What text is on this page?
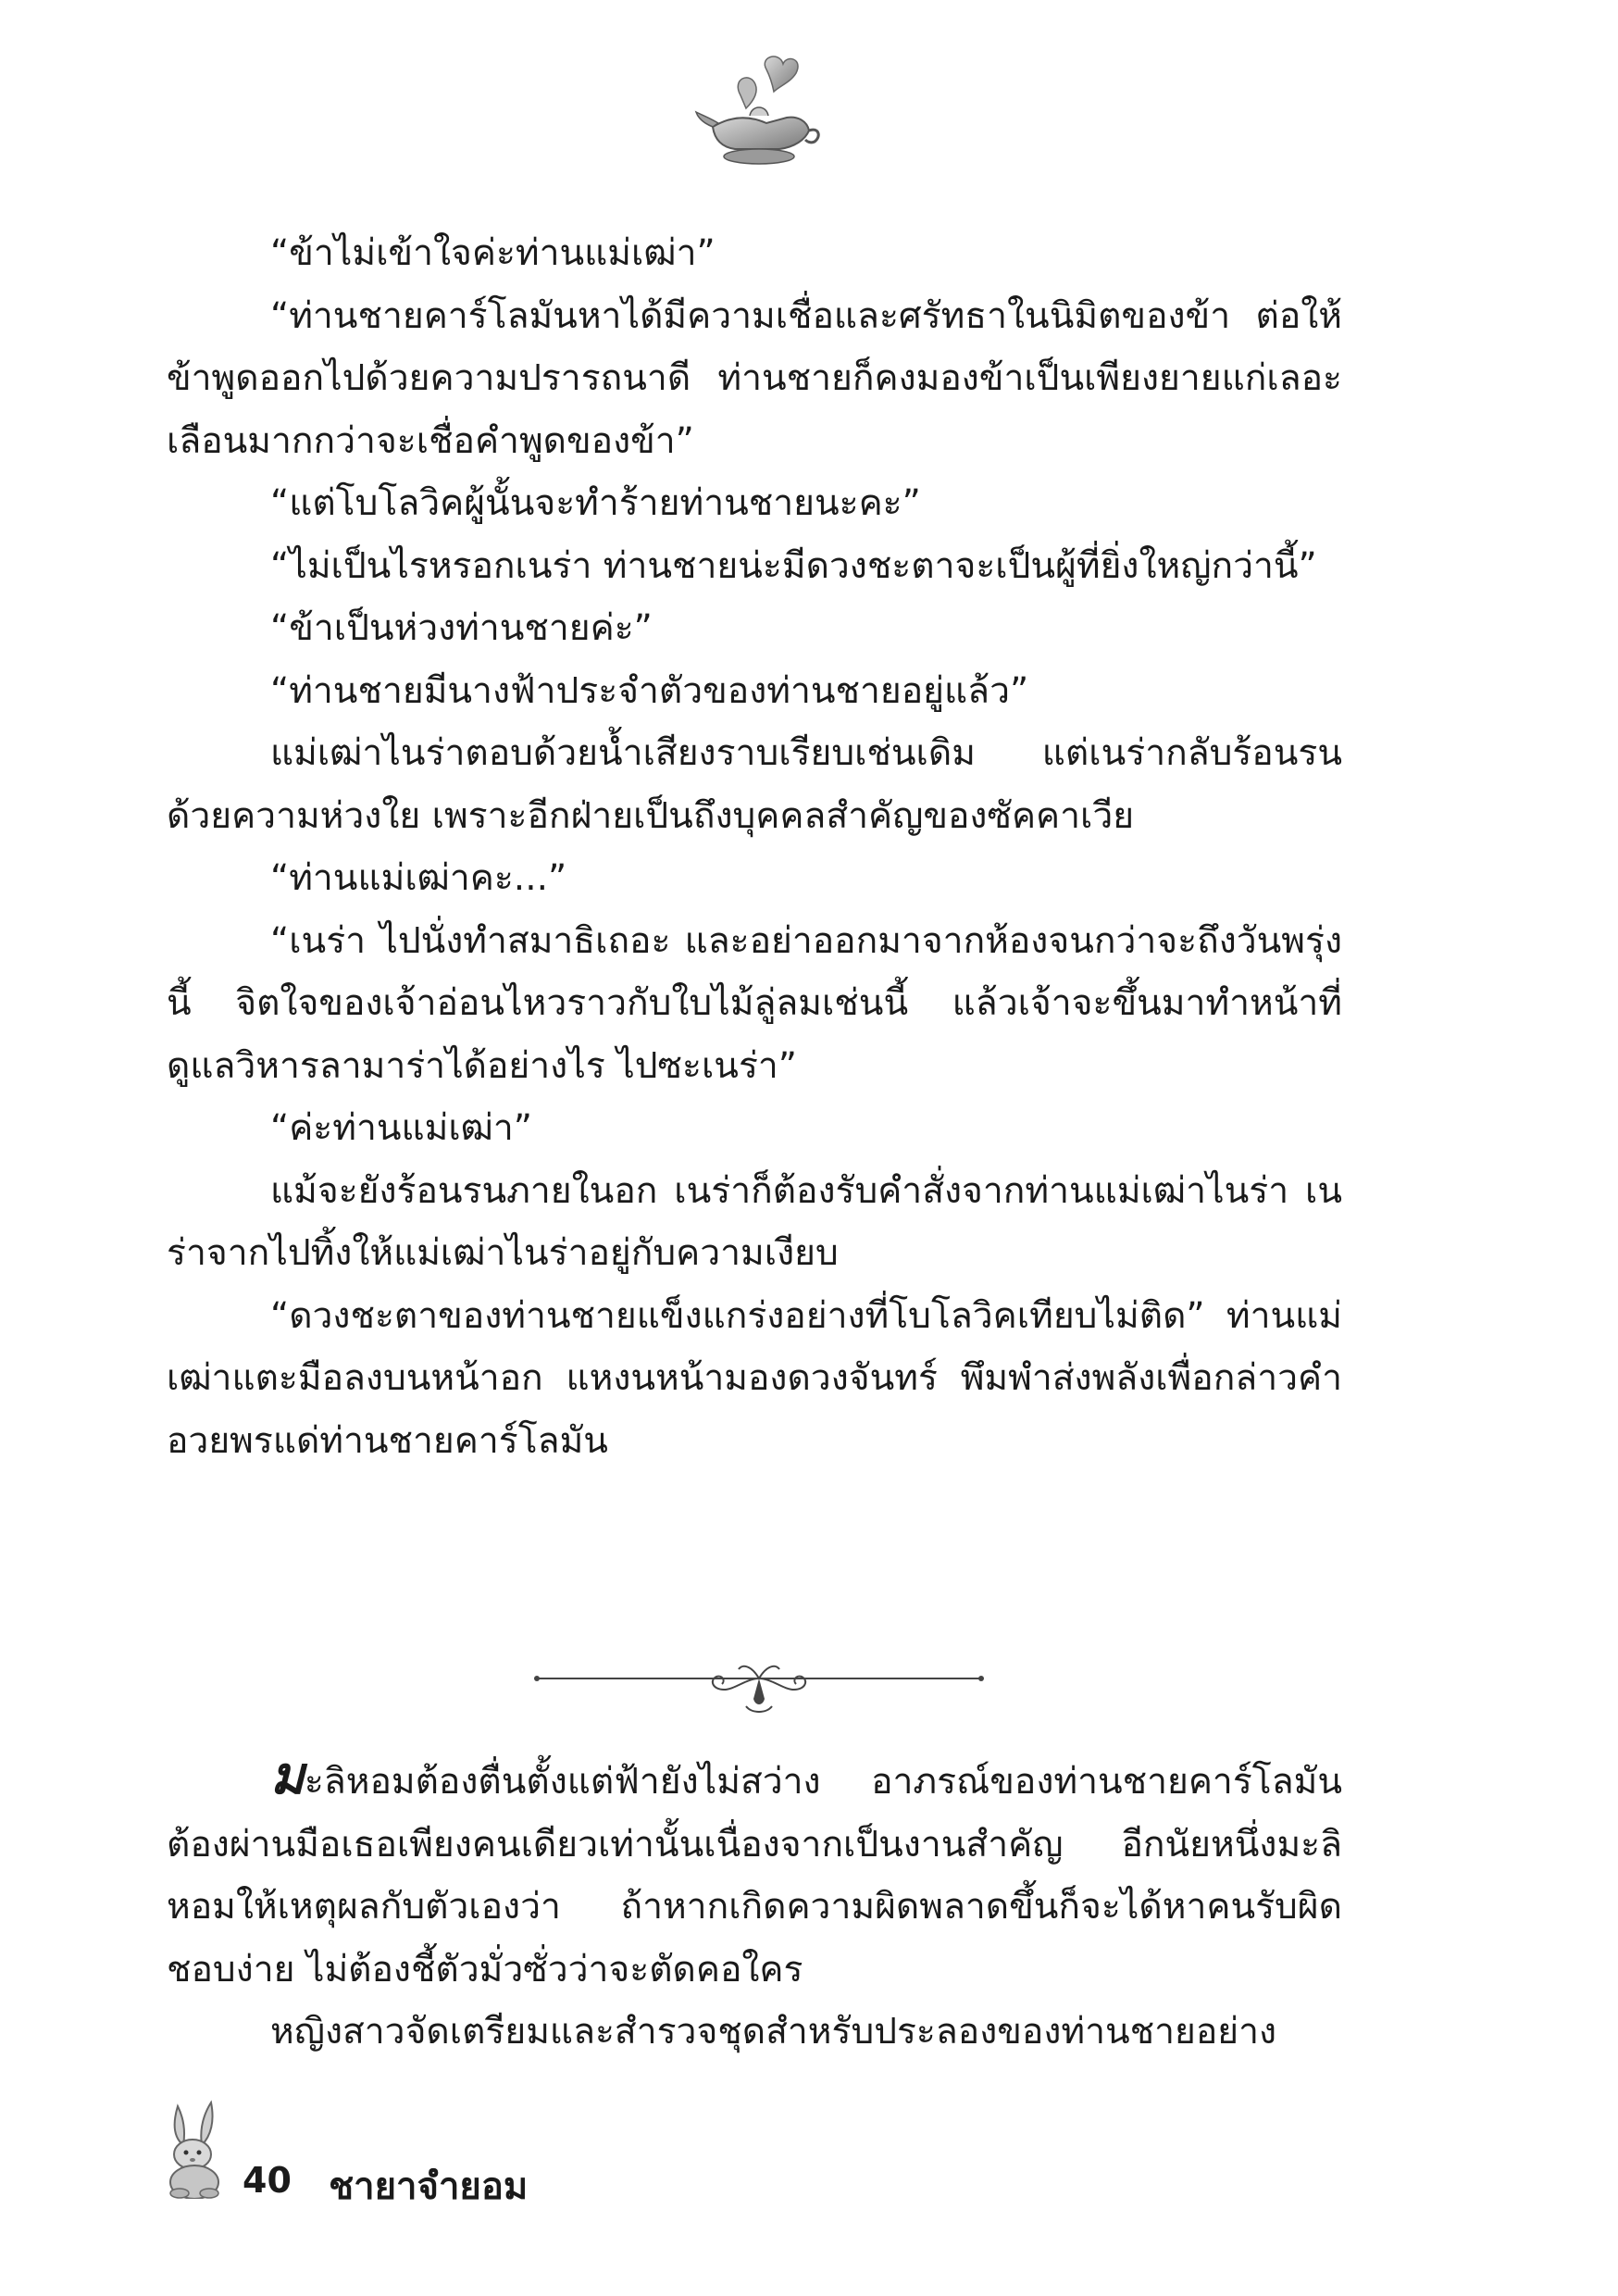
“ข้าไม่เข้าใจค่ะท่านแม่เฒ่า”

“ท่านชายคาร์โลมันหาได้มีความเชื่อและศรัทธาในนิมิตของข้า ต่อให้ข้าพูดออกไปด้วยความปรารถนาดี ท่านชายก็คงมองข้าเป็นเพียงยายแก่เลอะเลือนมากกว่าจะเชื่อคำพูดของข้า”

“แต่โบโลวิคผู้นั้นจะทำร้ายท่านชายนะคะ”

“ไม่เป็นไรหรอกเนร่า ท่านชายน่ะมีดวงชะตาจะเป็นผู้ที่ยิ่งใหญ่กว่านี้”

“ข้าเป็นห่วงท่านชายค่ะ”

“ท่านชายมีนางฟ้าประจำตัวของท่านชายอยู่แล้ว”

แม่เฒ่าไนร่าตอบด้วยน้ำเสียงราบเรียบเช่นเดิม แต่เนร่ากลับร้อนรนด้วยความห่วงใย เพราะอีกฝ่ายเป็นถึงบุคคลสำคัญของซัคคาเวีย

“ท่านแม่เฒ่าคะ...”

“เนร่า ไปนั่งทำสมาธิเถอะ และอย่าออกมาจากห้องจนกว่าจะถึงวันพรุ่งนี้ จิตใจของเจ้าอ่อนไหวราวกับใบไม้ลู่ลมเช่นนี้ แล้วเจ้าจะขึ้นมาทำหน้าที่ดูแลวิหารลามาร่าได้อย่างไร ไปซะเนร่า”

“ค่ะท่านแม่เฒ่า”

แม้จะยังร้อนรนภายในอก เนร่าก็ต้องรับคำสั่งจากท่านแม่เฒ่าไนร่า เนร่าจากไปทิ้งให้แม่เฒ่าไนร่าอยู่กับความเงียบ

“ดวงชะตาของท่านชายแข็งแกร่งอย่างที่โบโลวิคเทียบไม่ติด” ท่านแม่เฒ่าแตะมือลงบนหน้าอก แหงนหน้ามองดวงจันทร์ พึมพำส่งพลังเพื่อกล่าวคำอวยพรแด่ท่านชายคาร์โลมัน

มะลิหอมต้องตื่นตั้งแต่ฟ้ายังไม่สว่าง อาภรณ์ของท่านชายคาร์โลมันต้องผ่านมือเธอเพียงคนเดียวเท่านั้นเนื่องจากเป็นงานสำคัญ อีกนัยหนึ่งมะลิหอมให้เหตุผลกับตัวเองว่า ถ้าหากเกิดความผิดพลาดขึ้นก็จะได้หาคนรับผิดชอบง่าย ไม่ต้องชี้ตัวมั่วซั่วว่าจะตัดคอใคร

หญิงสาวจัดเตรียมและสำรวจชุดสำหรับประลองของท่านชายอย่าง

40 ชายาจำยอม
